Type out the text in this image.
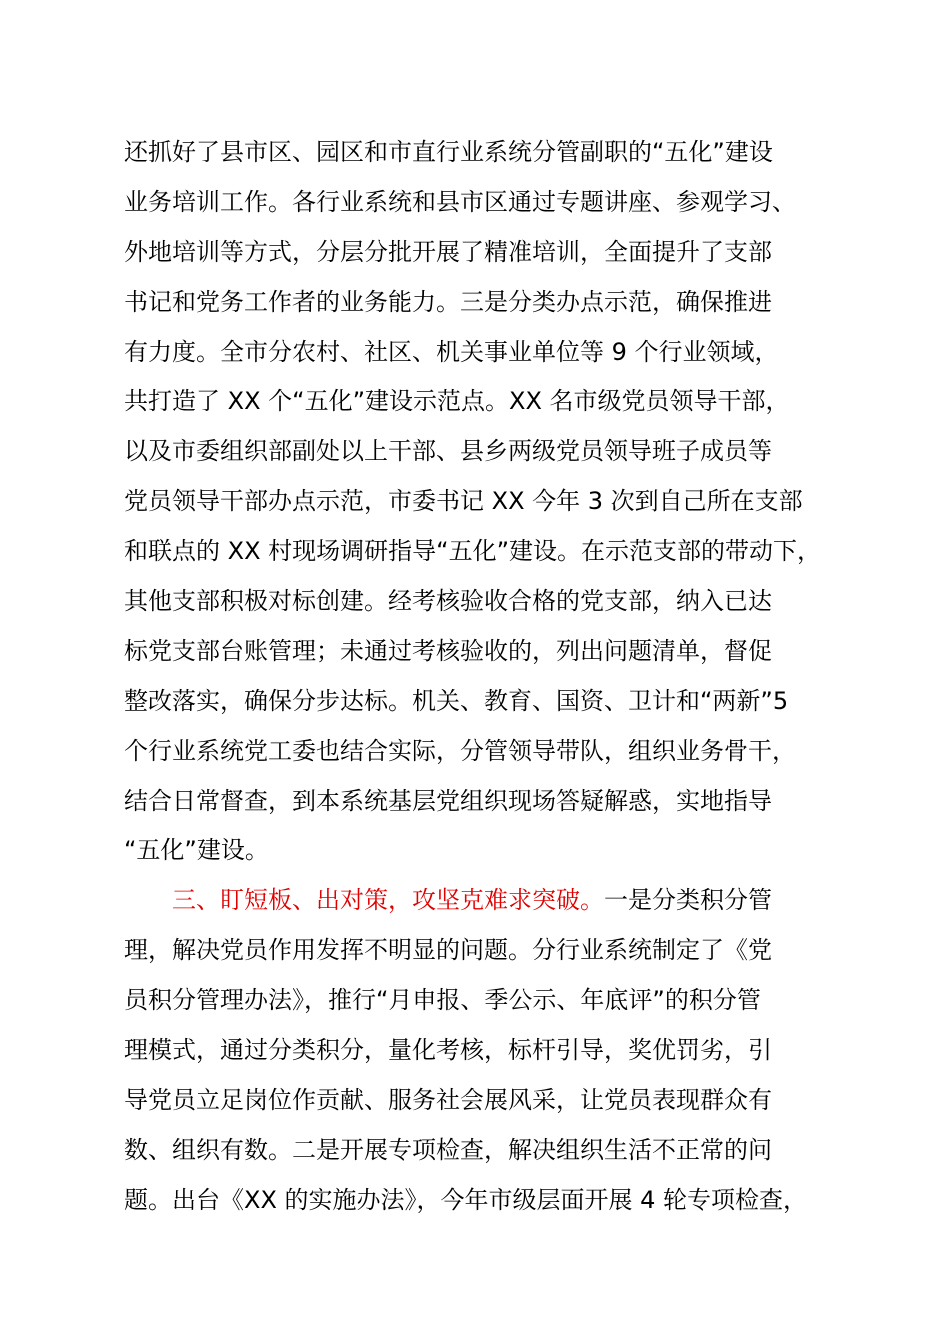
还抓好了县市区、园区和市直行业系统分管副职的“五化”建设
业务培训工作。各行业系统和县市区通过专题讲座、参观学习、
外地培训等方式，分层分批开展了精准培训，全面提升了支部
书记和党务工作者的业务能力。三是分类办点示范，确保推进
有力度。全市分农村、社区、机关事业单位等 9 个行业领域，
共打造了 XX 个“五化”建设示范点。XX 名市级党员领导干部，
以及市委组织部副处以上干部、县乡两级党员领导班子成员等
党员领导干部办点示范，市委书记 XX 今年 3 次到自己所在支部
和联点的 XX 村现场调研指导“五化”建设。在示范支部的带动下，
其他支部积极对标创建。经考核验收合格的党支部，纳入已达
标党支部台账管理；未通过考核验收的，列出问题清单，督促
整改落实，确保分步达标。机关、教育、国资、卫计和“两新”5
个行业系统党工委也结合实际，分管领导带队，组织业务骨干，
结合日常督查，到本系统基层党组织现场答疑解惑，实地指导
“五化”建设。
三、盯短板、出对策，攻坚克难求突破。一是分类积分管
理，解决党员作用发挥不明显的问题。分行业系统制定了《党
员积分管理办法》，推行“月申报、季公示、年底评”的积分管
理模式，通过分类积分，量化考核，标杆引导，奖优罚劣，引
导党员立足岗位作贡献、服务社会展风采，让党员表现群众有
数、组织有数。二是开展专项检查，解决组织生活不正常的问
题。出台《XX 的实施办法》，今年市级层面开展 4 轮专项检查，
